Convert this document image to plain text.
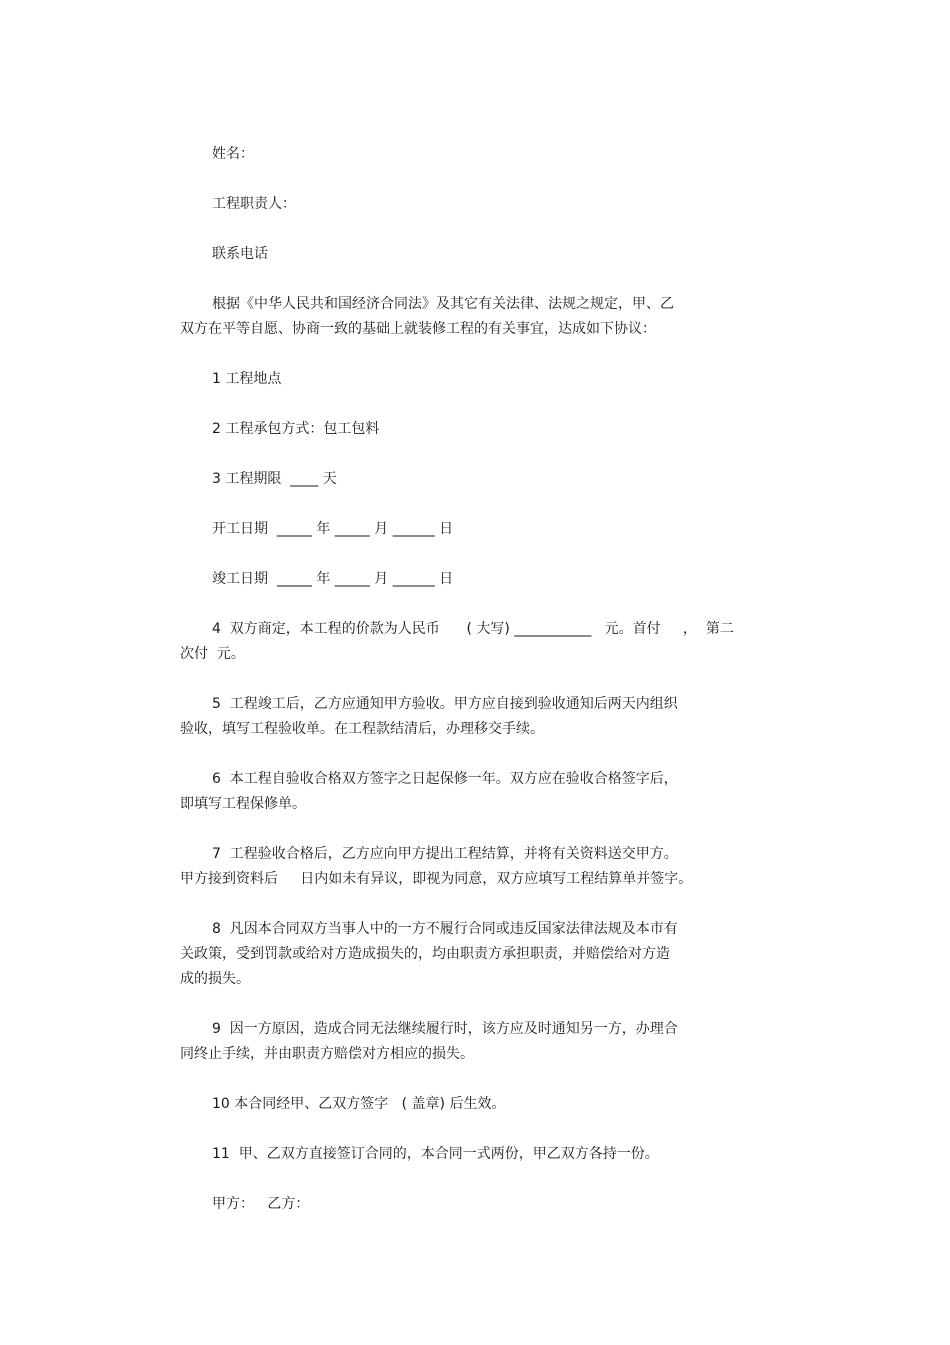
姓名：

工程职责人：

联系电话

根据《中华人民共和国经济合同法》及其它有关法律、法规之规定，甲、乙

双方在平等自愿、协商一致的基础上就装修工程的有关事宜，达成如下协议：

1 工程地点

2 工程承包方式：包工包料

3 工程期限  ____ 天

开工日期  _____ 年 _____ 月 ______ 日

竣工日期  _____ 年 _____ 月 ______ 日

4  双方商定，本工程的价款为人民币      ( 大写) ___________   元。首付     ，  第二

次付  元。

5  工程竣工后，乙方应通知甲方验收。甲方应自接到验收通知后两天内组织

验收，填写工程验收单。在工程款结清后，办理移交手续。

6  本工程自验收合格双方签字之日起保修一年。双方应在验收合格签字后，

即填写工程保修单。

7  工程验收合格后，乙方应向甲方提出工程结算，并将有关资料送交甲方。

甲方接到资料后     日内如未有异议，即视为同意，双方应填写工程结算单并签字。

8  凡因本合同双方当事人中的一方不履行合同或违反国家法律法规及本市有

关政策，受到罚款或给对方造成损失的，均由职责方承担职责，并赔偿给对方造

成的损失。

9  因一方原因，造成合同无法继续履行时，该方应及时通知另一方，办理合

同终止手续，并由职责方赔偿对方相应的损失。

10 本合同经甲、乙双方签字   ( 盖章) 后生效。

11  甲、乙双方直接签订合同的，本合同一式两份，甲乙双方各持一份。

甲方：   乙方：
